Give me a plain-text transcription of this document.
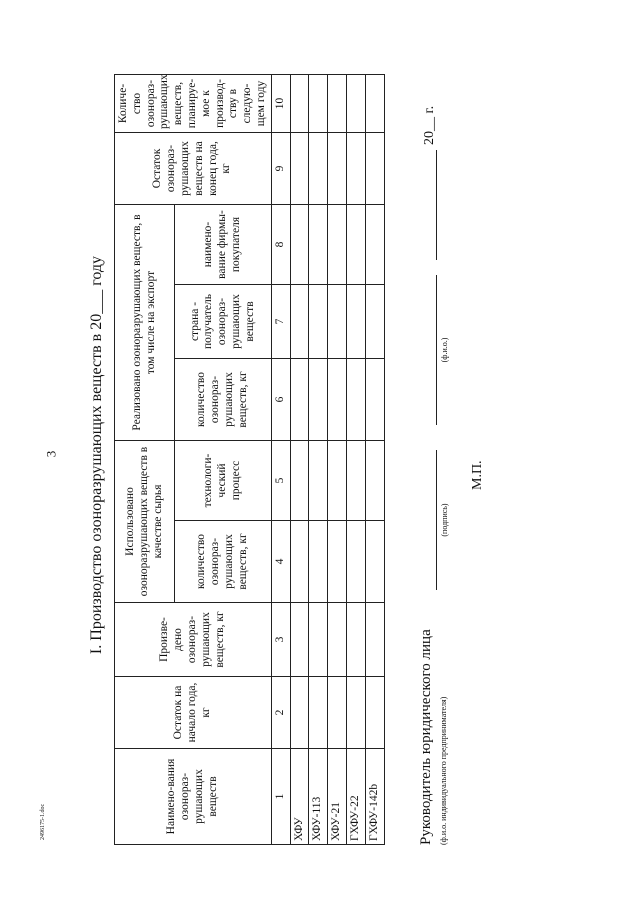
3 I. Производство озоноразрушающих веществ в 20___ году
Наимено-вания озонораз-рушающих веществ	Остаток на начало года, кг	Произве-дено озонораз-рушающих веществ, кг	Использовано озоноразрушающих веществ в качестве сырья		Реализовано озоноразрушающих веществ, в том числе на экспорт			Остаток озонораз-рушающих веществ на конец года, кг	Количе-ство озонораз-рушающих веществ, планируе-мое к производ-ству в следую-щем году
			количество озонораз-рушающих веществ, кг	технологи-ческий процесс	количество озонораз-рушающих веществ, кг	страна - получатель озонораз-рушающих веществ	наимено-вание фирмы-покупателя		
1	2	3	4	5	6	7	8	9	10
ХФУ									
ХФУ-113									
ХФУ-21									
ГХФУ-22									
ГХФУ-142b										Руководитель юридического лица (ф.и.о. индивидуального предпринимателя)
(подпись)
(ф.и.о.)
20__ г.
М.П.
2496175-1.doc
